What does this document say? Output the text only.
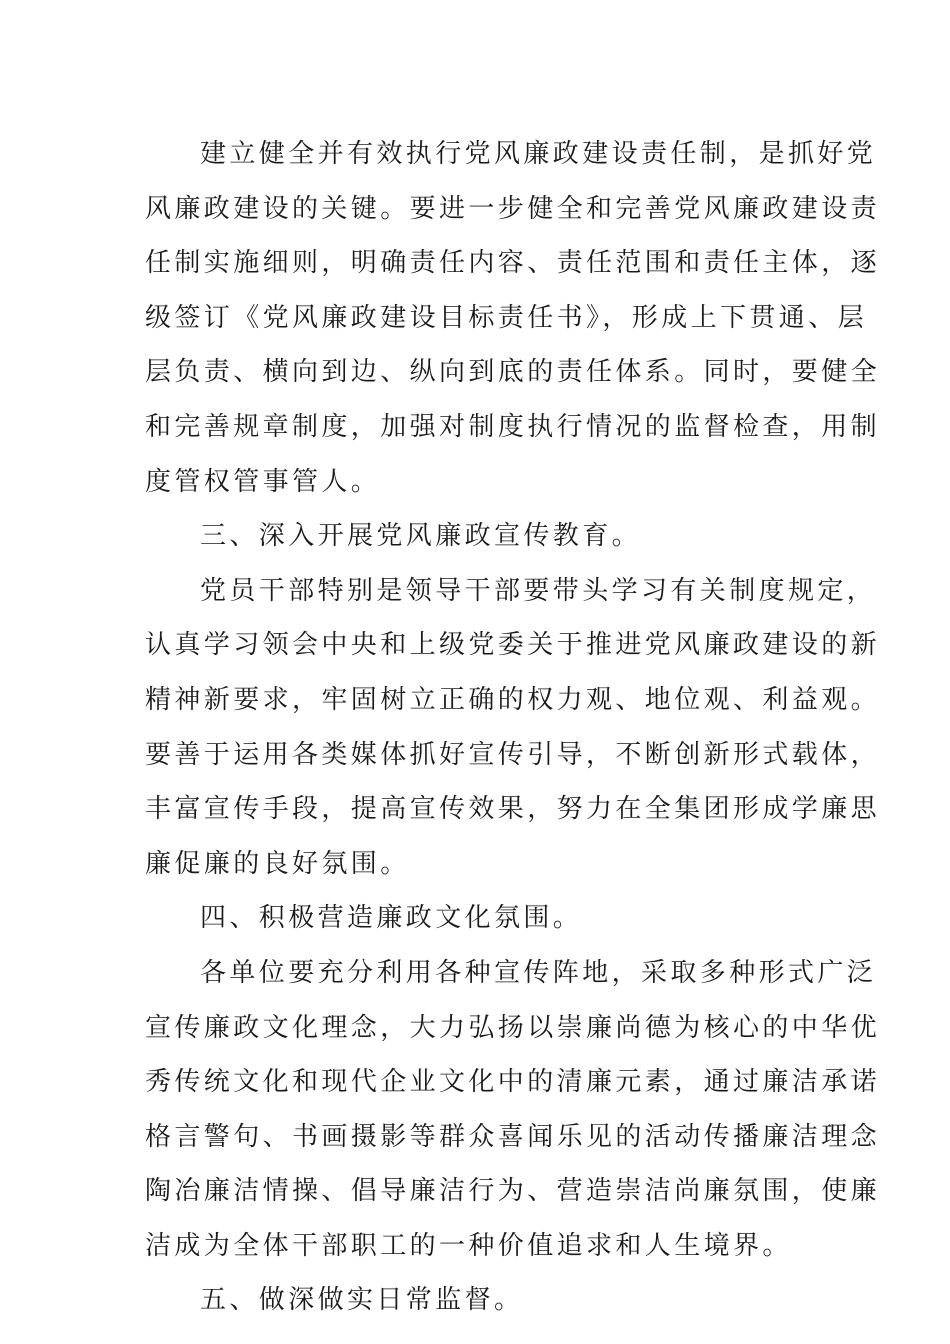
建立健全并有效执行党风廉政建设责任制，是抓好党
风廉政建设的关键。要进一步健全和完善党风廉政建设责
任制实施细则，明确责任内容、责任范围和责任主体，逐
级签订《党风廉政建设目标责任书》，形成上下贯通、层
层负责、横向到边、纵向到底的责任体系。同时，要健全
和完善规章制度，加强对制度执行情况的监督检查，用制
度管权管事管人。
三、深入开展党风廉政宣传教育。
党员干部特别是领导干部要带头学习有关制度规定，
认真学习领会中央和上级党委关于推进党风廉政建设的新
精神新要求，牢固树立正确的权力观、地位观、利益观。
要善于运用各类媒体抓好宣传引导，不断创新形式载体，
丰富宣传手段，提高宣传效果，努力在全集团形成学廉思
廉促廉的良好氛围。
四、积极营造廉政文化氛围。
各单位要充分利用各种宣传阵地，采取多种形式广泛
宣传廉政文化理念，大力弘扬以崇廉尚德为核心的中华优
秀传统文化和现代企业文化中的清廉元素，通过廉洁承诺
格言警句、书画摄影等群众喜闻乐见的活动传播廉洁理念
陶冶廉洁情操、倡导廉洁行为、营造崇洁尚廉氛围，使廉
洁成为全体干部职工的一种价值追求和人生境界。
五、做深做实日常监督。
